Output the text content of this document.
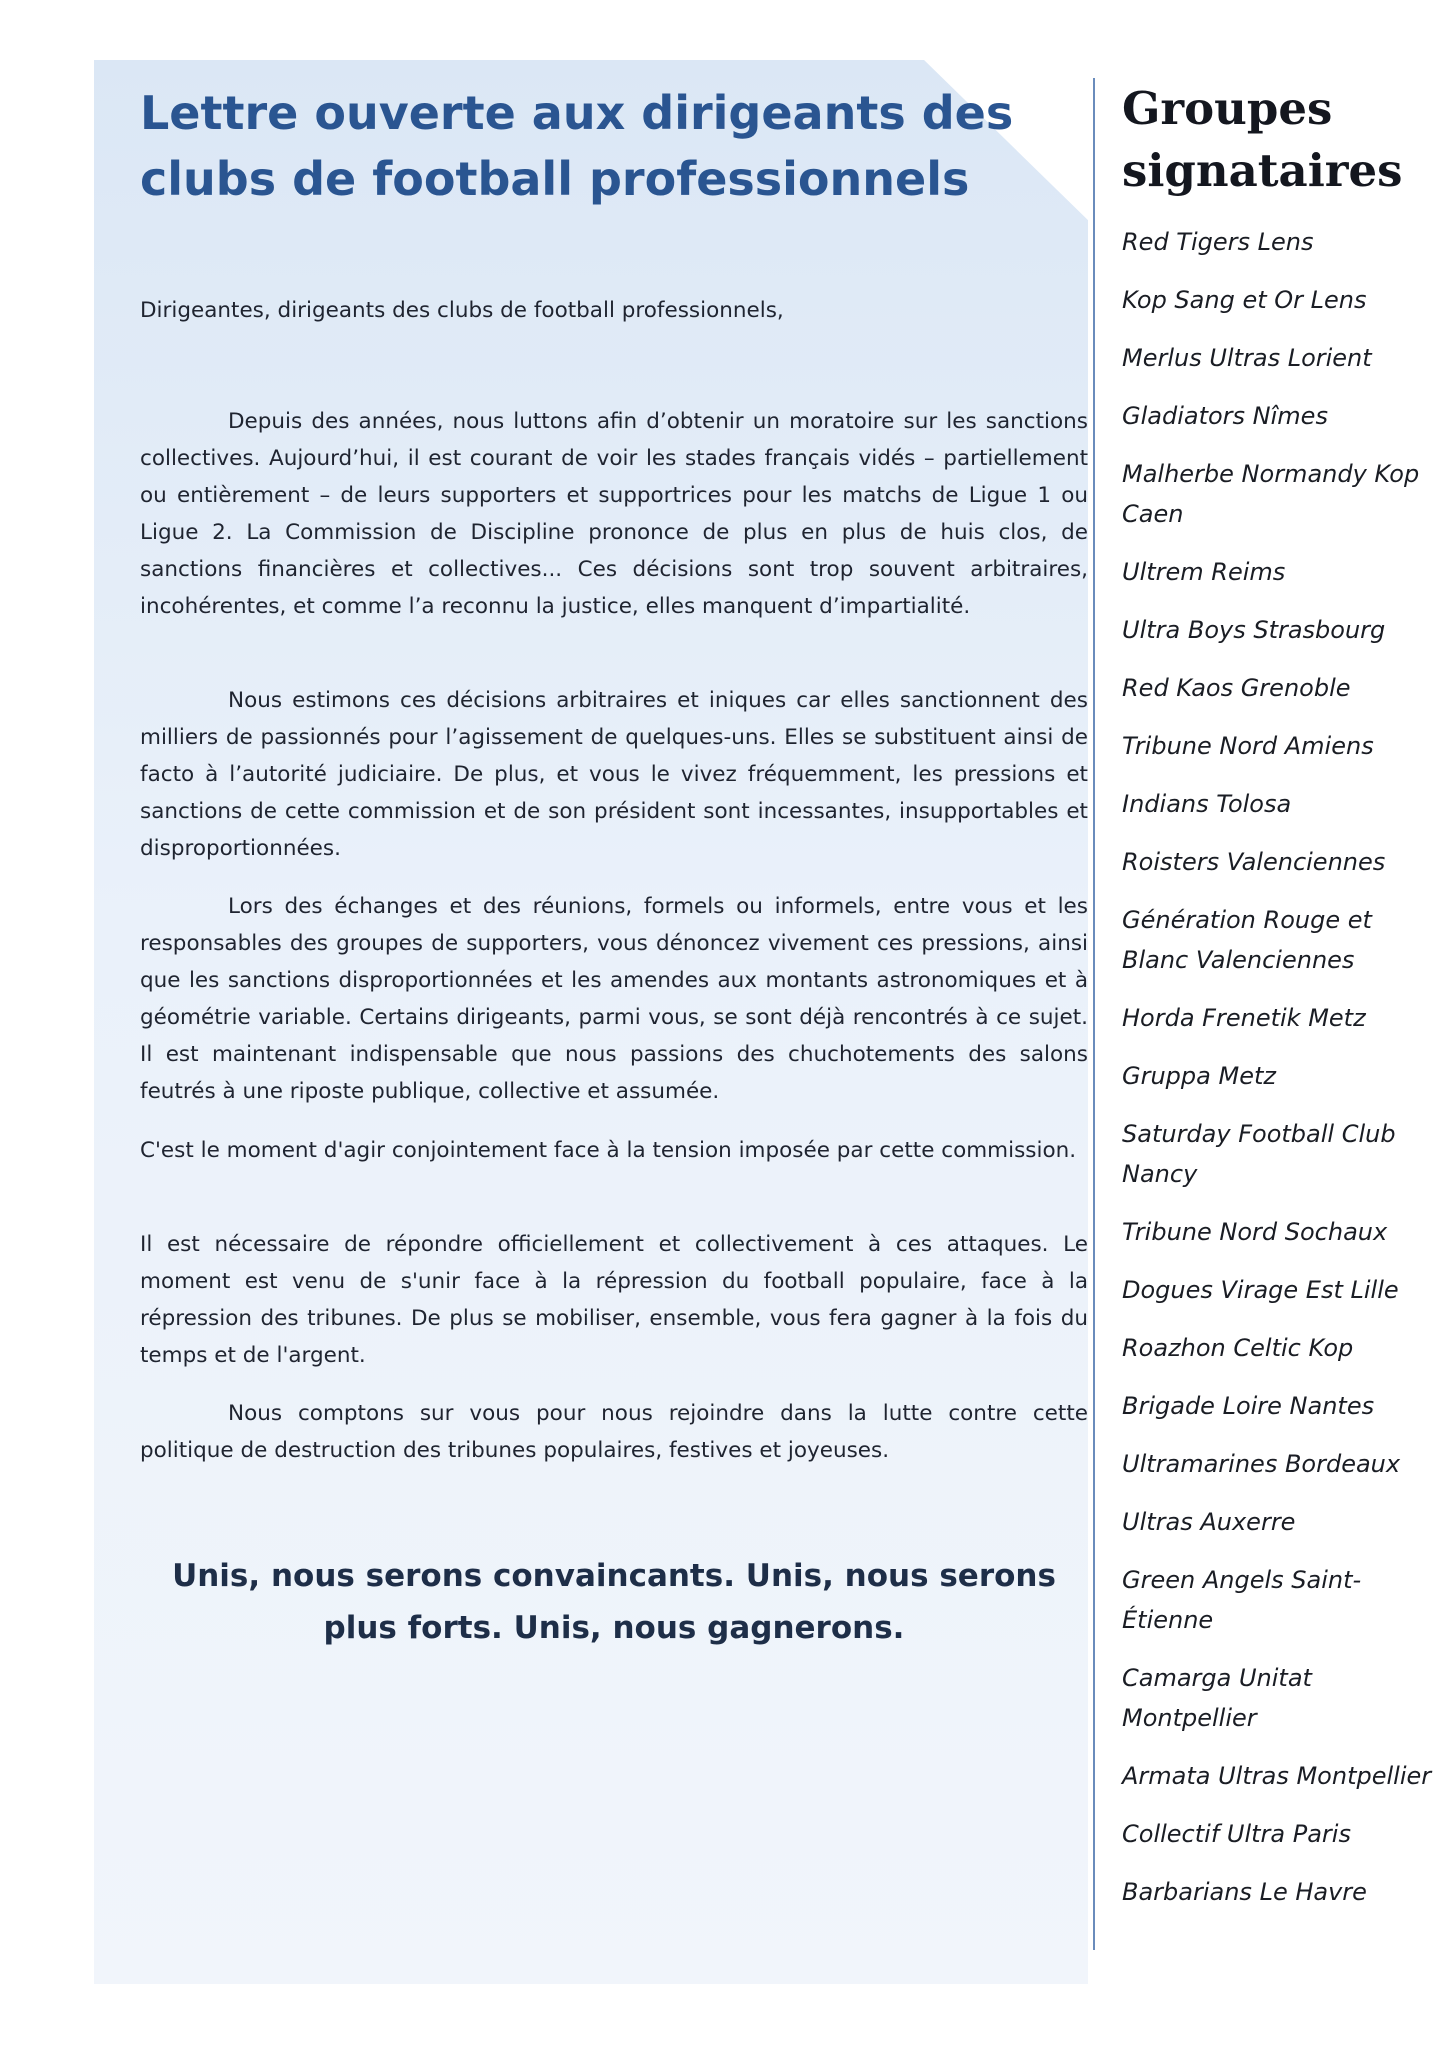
Lettre ouverte aux dirigeants des clubs de football professionnels

Dirigeantes, dirigeants des clubs de football professionnels,

Depuis des années, nous luttons afin d’obtenir un moratoire sur les sanctions collectives. Aujourd’hui, il est courant de voir les stades français vidés – partiellement ou entièrement – de leurs supporters et supportrices pour les matchs de Ligue 1 ou Ligue 2. La Commission de Discipline prononce de plus en plus de huis clos, de sanctions financières et collectives... Ces décisions sont trop souvent arbitraires, incohérentes, et comme l’a reconnu la justice, elles manquent d’impartialité.

Nous estimons ces décisions arbitraires et iniques car elles sanctionnent des milliers de passionnés pour l’agissement de quelques-uns. Elles se substituent ainsi de facto à l’autorité judiciaire. De plus, et vous le vivez fréquemment, les pressions et sanctions de cette commission et de son président sont incessantes, insupportables et disproportionnées.

Lors des échanges et des réunions, formels ou informels, entre vous et les responsables des groupes de supporters, vous dénoncez vivement ces pressions, ainsi que les sanctions disproportionnées et les amendes aux montants astronomiques et à géométrie variable. Certains dirigeants, parmi vous, se sont déjà rencontrés à ce sujet. Il est maintenant indispensable que nous passions des chuchotements des salons feutrés à une riposte publique, collective et assumée.

C'est le moment d'agir conjointement face à la tension imposée par cette commission.

Il est nécessaire de répondre officiellement et collectivement à ces attaques. Le moment est venu de s'unir face à la répression du football populaire, face à la répression des tribunes. De plus se mobiliser, ensemble, vous fera gagner à la fois du temps et de l'argent.

Nous comptons sur vous pour nous rejoindre dans la lutte contre cette politique de destruction des tribunes populaires, festives et joyeuses.

Unis, nous serons convaincants. Unis, nous serons plus forts. Unis, nous gagnerons.

Groupes signataires
Red Tigers Lens
Kop Sang et Or Lens
Merlus Ultras Lorient
Gladiators Nîmes
Malherbe Normandy Kop Caen
Ultrem Reims
Ultra Boys Strasbourg
Red Kaos Grenoble
Tribune Nord Amiens
Indians Tolosa
Roisters Valenciennes
Génération Rouge et Blanc Valenciennes
Horda Frenetik Metz
Gruppa Metz
Saturday Football Club Nancy
Tribune Nord Sochaux
Dogues Virage Est Lille
Roazhon Celtic Kop
Brigade Loire Nantes
Ultramarines Bordeaux
Ultras Auxerre
Green Angels Saint-Étienne
Camarga Unitat Montpellier
Armata Ultras Montpellier
Collectif Ultra Paris
Barbarians Le Havre
